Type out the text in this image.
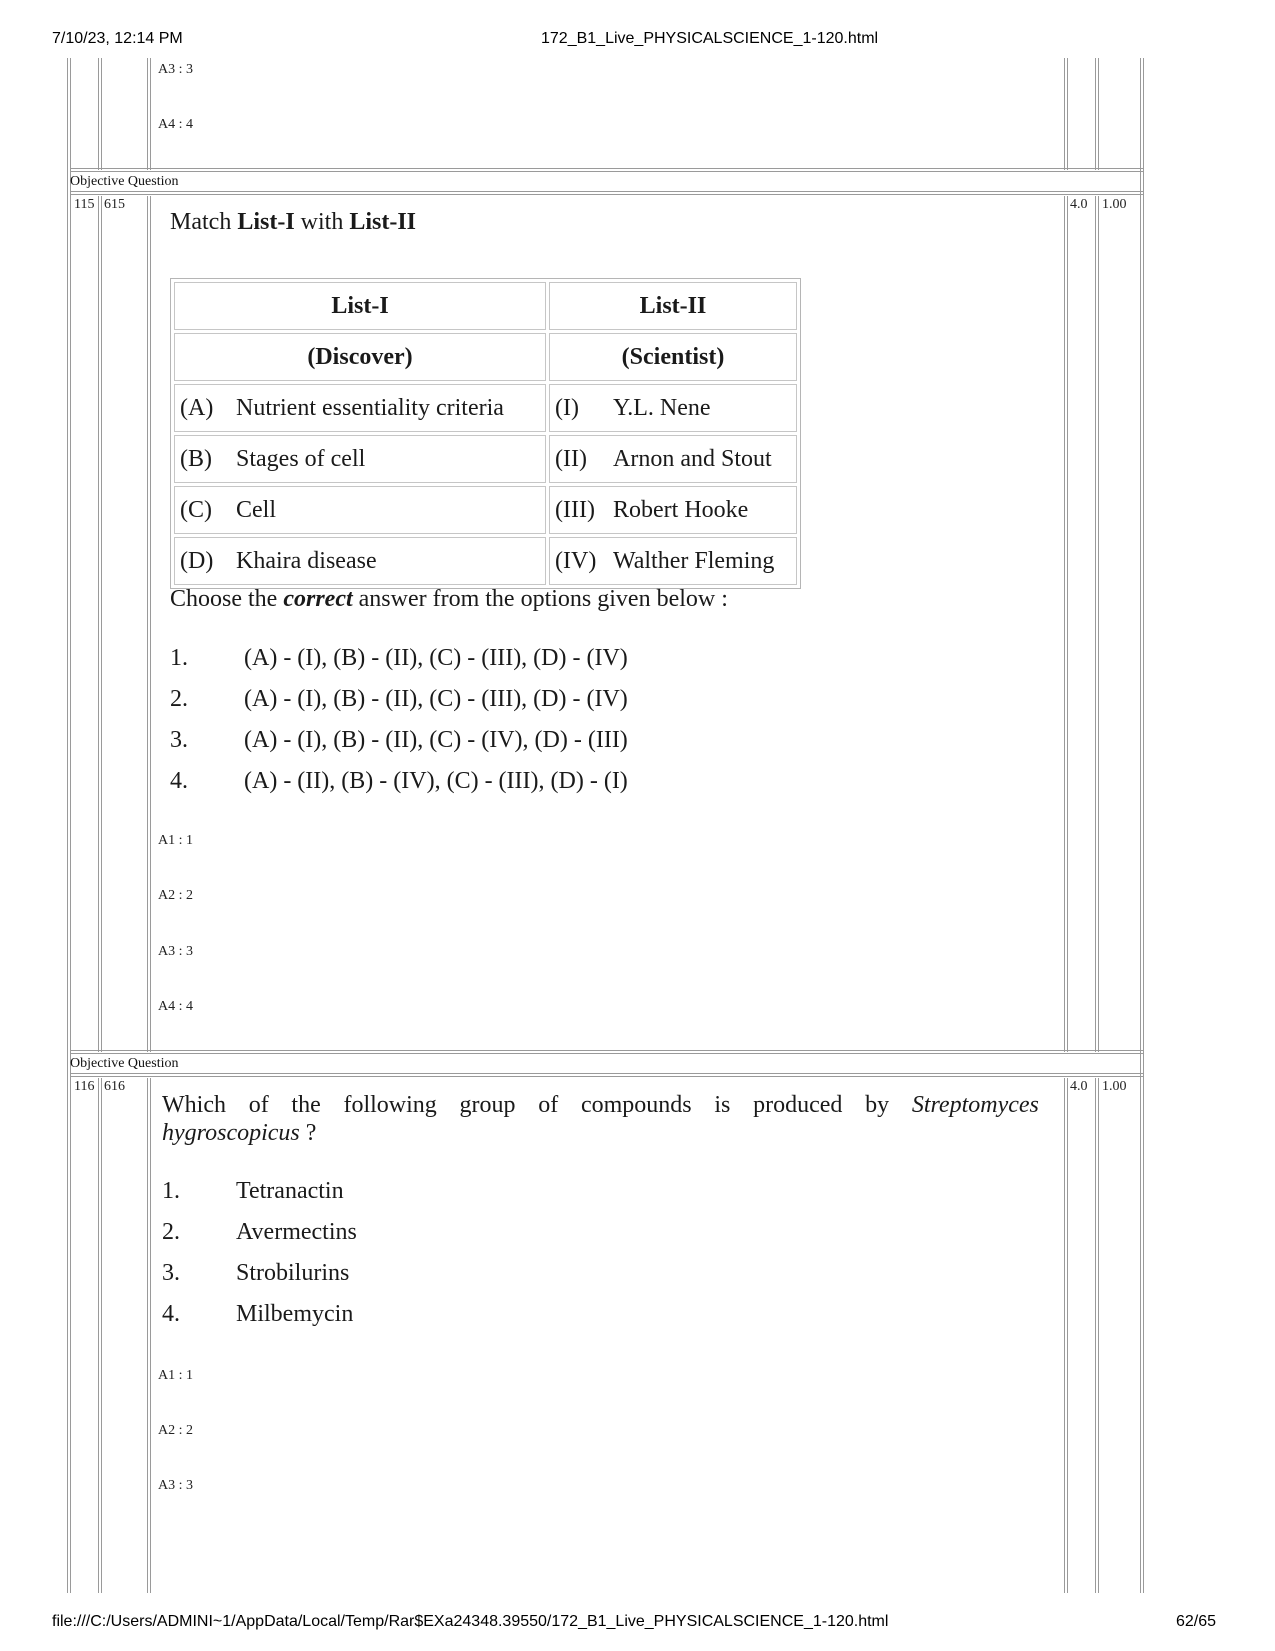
7/10/23, 12:14 PM	172_B1_Live_PHYSICALSCIENCE_1-120.html
A3 : 3
A4 : 4
Objective Question
115 615	4.0 1.00
Match List-I with List-II
List-I	List-II
(Discover)	(Scientist)
(A) Nutrient essentiality criteria	(I) Y.L. Nene
(B) Stages of cell	(II) Arnon and Stout
(C) Cell	(III) Robert Hooke
(D) Khaira disease	(IV) Walther Fleming
Choose the correct answer from the options given below :
1. (A) - (I), (B) - (II), (C) - (III), (D) - (IV)
2. (A) - (I), (B) - (II), (C) - (III), (D) - (IV)
3. (A) - (I), (B) - (II), (C) - (IV), (D) - (III)
4. (A) - (II), (B) - (IV), (C) - (III), (D) - (I)
A1 : 1
A2 : 2
A3 : 3
A4 : 4
Objective Question
116 616	4.0 1.00
Which of the following group of compounds is produced by Streptomyces
hygroscopicus ?
1. Tetranactin
2. Avermectins
3. Strobilurins
4. Milbemycin
A1 : 1
A2 : 2
A3 : 3
file:///C:/Users/ADMINI~1/AppData/Local/Temp/Rar$EXa24348.39550/172_B1_Live_PHYSICALSCIENCE_1-120.html	62/65
